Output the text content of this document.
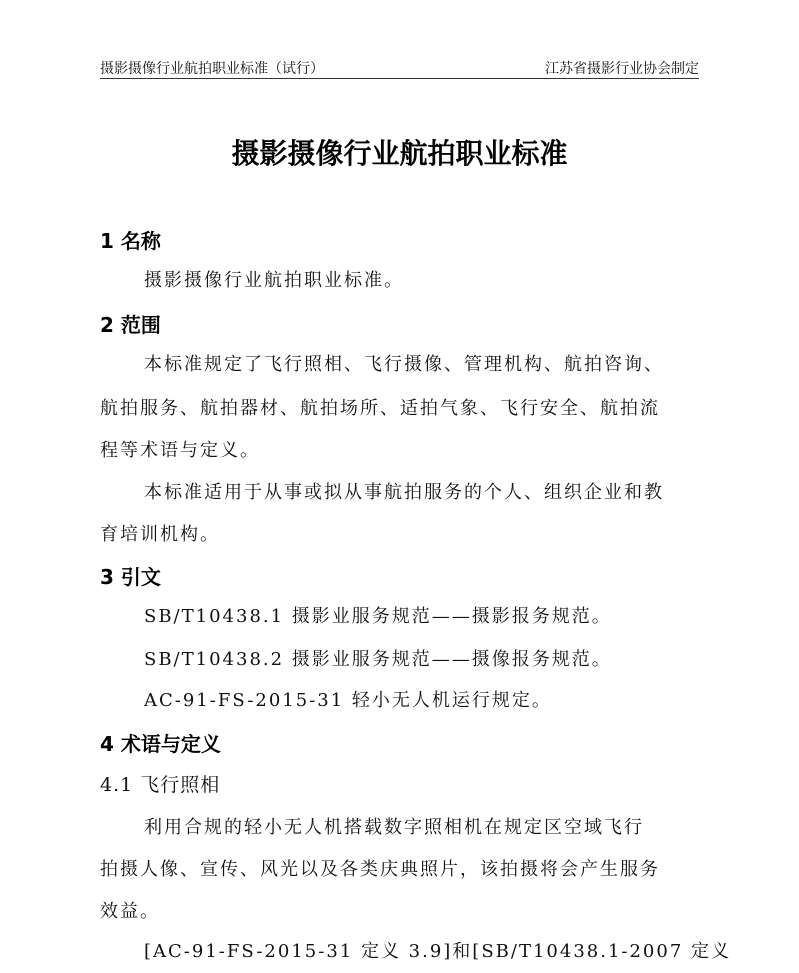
摄影摄像行业航拍职业标准（试行）	江苏省摄影行业协会制定
摄影摄像行业航拍职业标准
1 名称
摄影摄像行业航拍职业标准。
2 范围
本标准规定了飞行照相、飞行摄像、管理机构、航拍咨询、
航拍服务、航拍器材、航拍场所、适拍气象、飞行安全、航拍流
程等术语与定义。
本标准适用于从事或拟从事航拍服务的个人、组织企业和教
育培训机构。
3 引文
SB/T10438.1 摄影业服务规范——摄影报务规范。
SB/T10438.2 摄影业服务规范——摄像报务规范。
AC-91-FS-2015-31 轻小无人机运行规定。
4 术语与定义
4.1 飞行照相
利用合规的轻小无人机搭载数字照相机在规定区空域飞行
拍摄人像、宣传、风光以及各类庆典照片，该拍摄将会产生服务
效益。
[AC-91-FS-2015-31 定义 3.9]和[SB/T10438.1-2007 定义
